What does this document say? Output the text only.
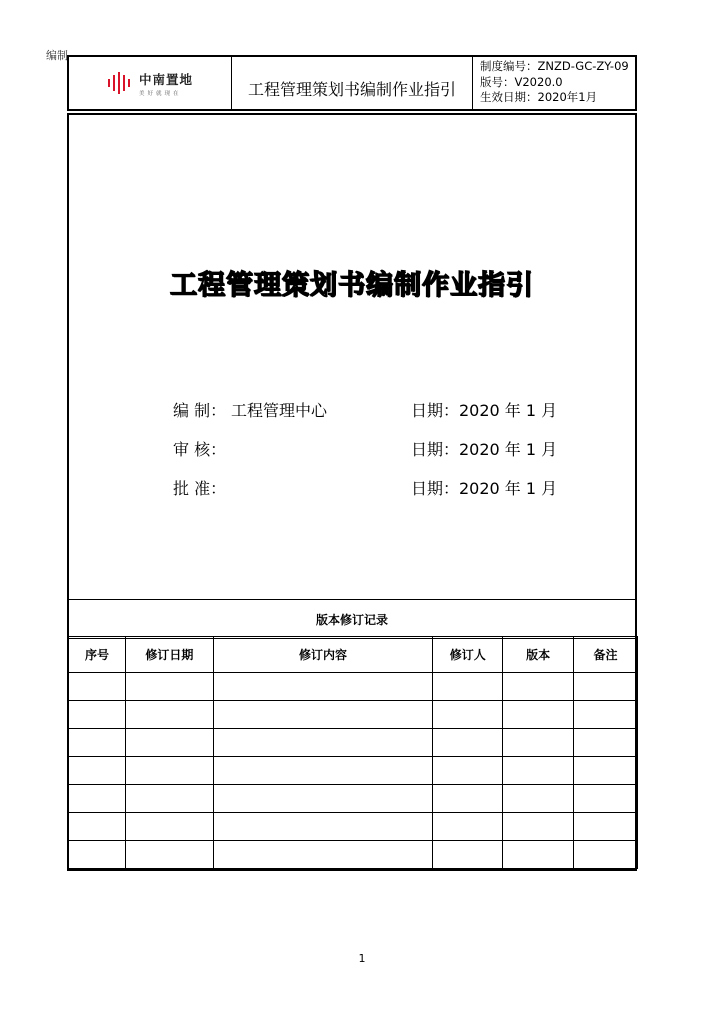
编制
中南置地
美好就现在	工程管理策划书编制作业指引
制度编号：ZNZD-GC-ZY-09
版号：V2020.0
生效日期：2020年1月
工程管理策划书编制作业指引
编 制： 工程管理中心	日期：2020 年 1 月
审 核：	日期：2020 年 1 月
批 准：	日期：2020 年 1 月
版本修订记录
序号	修订日期	修订内容	修订人	版本	备注

1
